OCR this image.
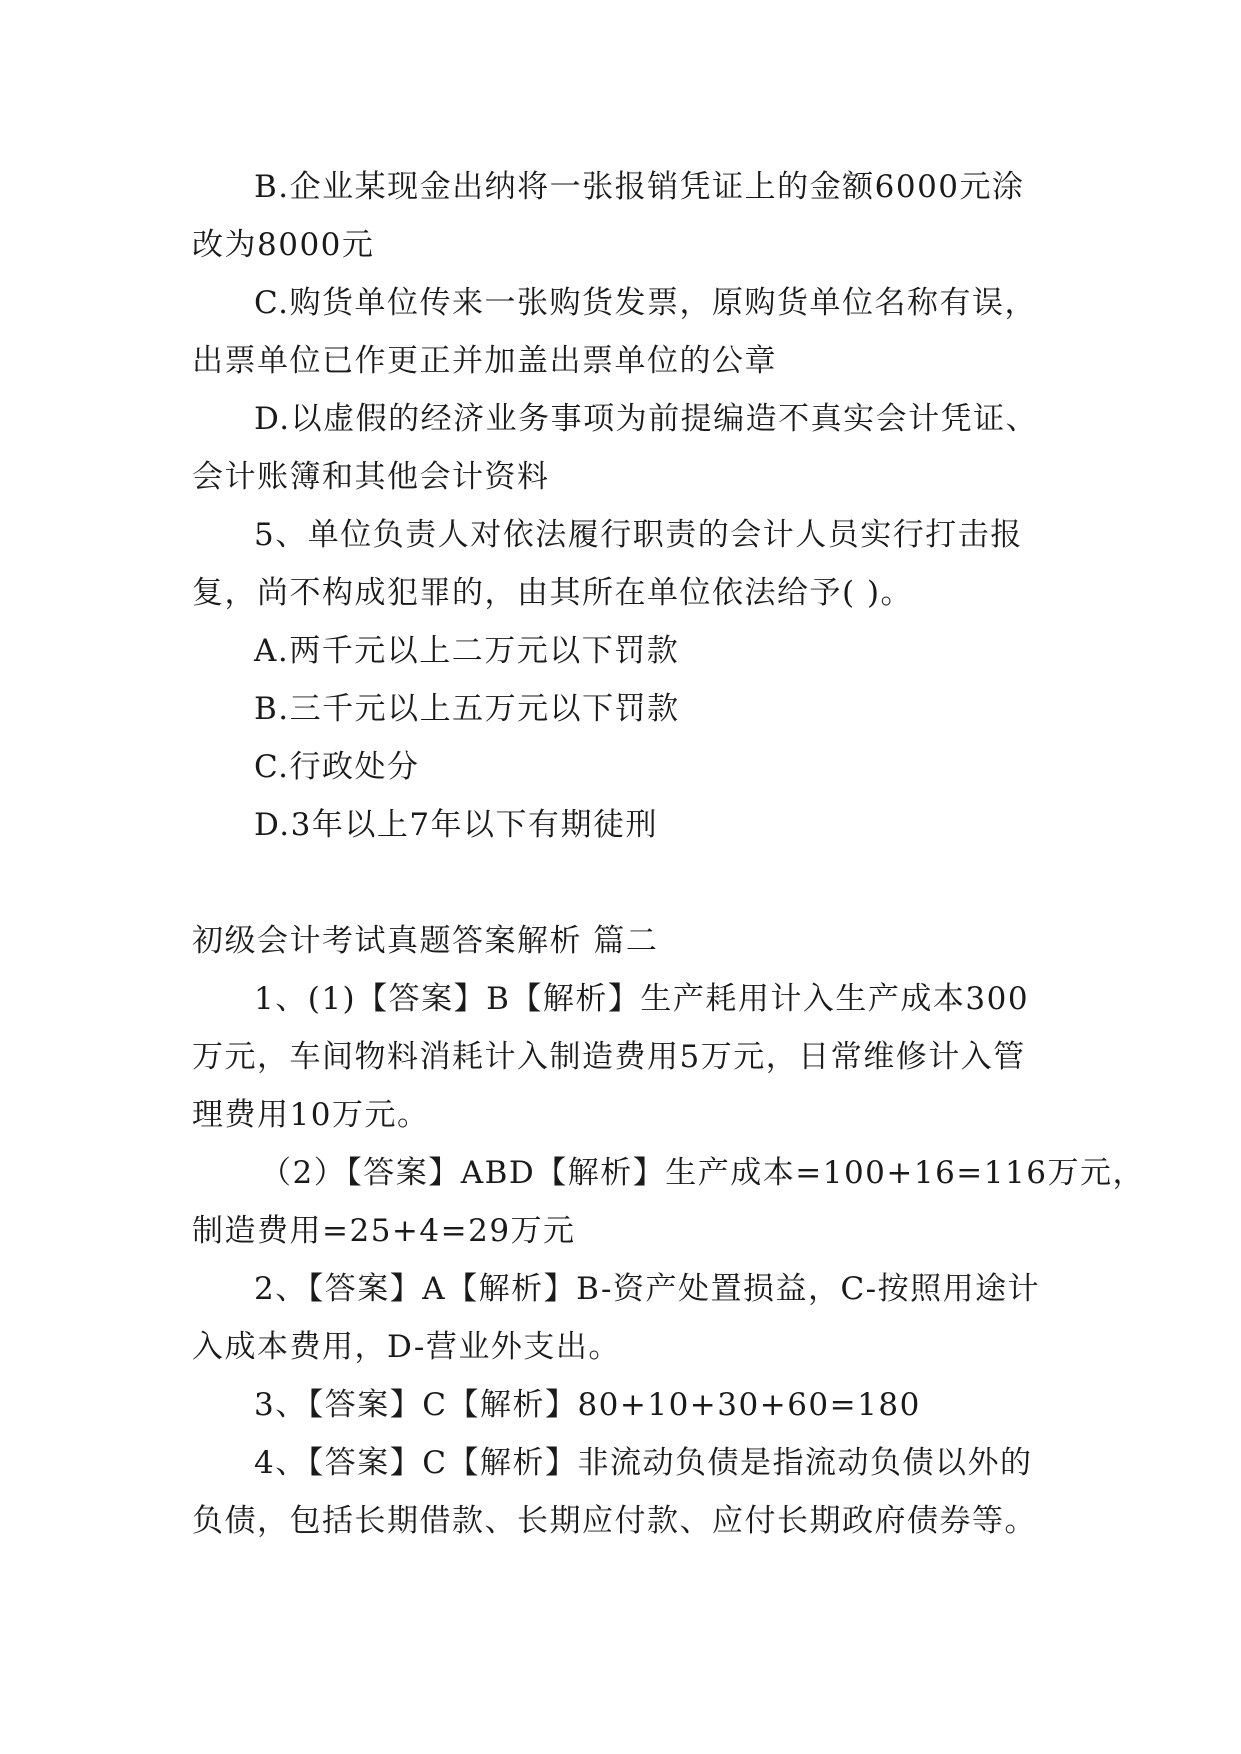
B.企业某现金出纳将一张报销凭证上的金额6000元涂
改为8000元
C.购货单位传来一张购货发票，原购货单位名称有误，
出票单位已作更正并加盖出票单位的公章
D.以虚假的经济业务事项为前提编造不真实会计凭证、
会计账簿和其他会计资料
5、单位负责人对依法履行职责的会计人员实行打击报
复，尚不构成犯罪的，由其所在单位依法给予( )。
A.两千元以上二万元以下罚款
B.三千元以上五万元以下罚款
C.行政处分
D.3年以上7年以下有期徒刑
初级会计考试真题答案解析 篇二
1、(1)【答案】B【解析】生产耗用计入生产成本300
万元，车间物料消耗计入制造费用5万元，日常维修计入管
理费用10万元。
（2）【答案】ABD【解析】生产成本=100+16=116万元，
制造费用=25+4=29万元
2、【答案】A【解析】B-资产处置损益，C-按照用途计
入成本费用，D-营业外支出。
3、【答案】C【解析】80+10+30+60=180
4、【答案】C【解析】非流动负债是指流动负债以外的
负债，包括长期借款、长期应付款、应付长期政府债券等。
